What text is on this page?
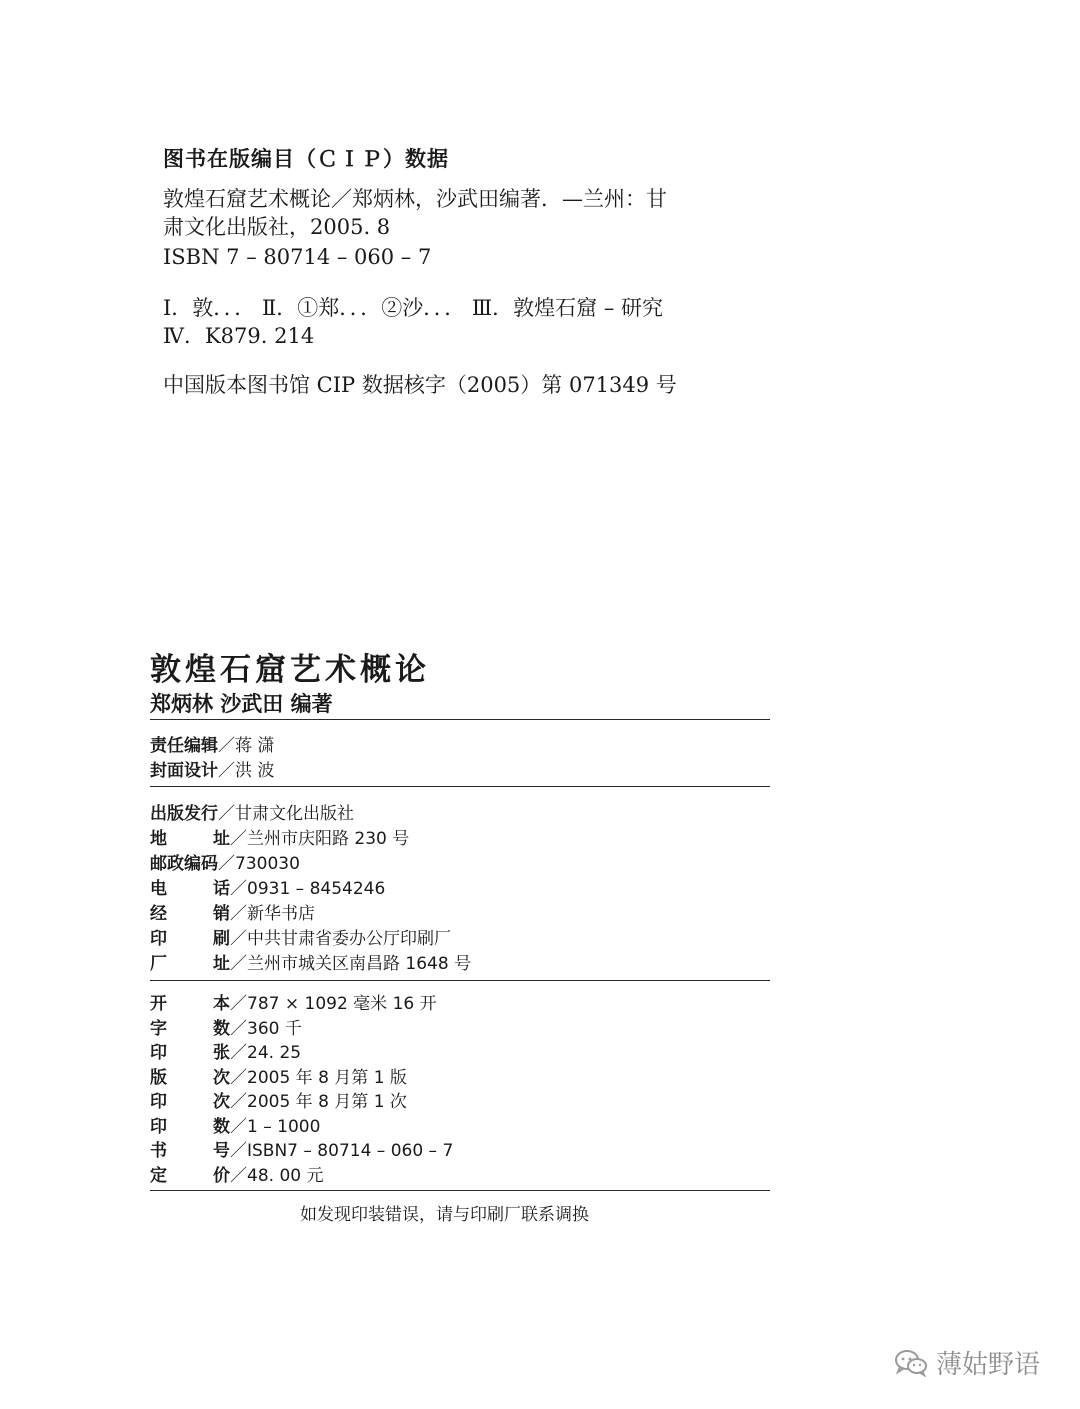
图书在版编目（ＣＩＰ）数据
敦煌石窟艺术概论／郑炳林，沙武田编著．—兰州：甘
肃文化出版社，2005. 8
ISBN 7 – 80714 – 060 – 7
Ⅰ．敦．．． Ⅱ．①郑．．．②沙．．． Ⅲ．敦煌石窟 – 研究
Ⅳ．K879. 214
中国版本图书馆 CIP 数据核字（2005）第 071349 号
敦煌石窟艺术概论
郑炳林 沙武田 编著
责任编辑／蒋 潇
封面设计／洪 波
出版发行／甘肃文化出版社
地	址 ／兰州市庆阳路 230 号
邮政编码／730030
电	话 ／0931 – 8454246
经	销 ／新华书店
印	刷 ／中共甘肃省委办公厅印刷厂
厂	址 ／兰州市城关区南昌路 1648 号
开	本 ／787 × 1092 毫米 16 开
字	数 ／360 千
印	张 ／24. 25
版	次 ／2005 年 8 月第 1 版
印	次 ／2005 年 8 月第 1 次
印	数 ／1 – 1000
书	号 ／ISBN7 – 80714 – 060 – 7
定	价 ／48. 00 元
如发现印装错误，请与印刷厂联系调换
薄姑野语
